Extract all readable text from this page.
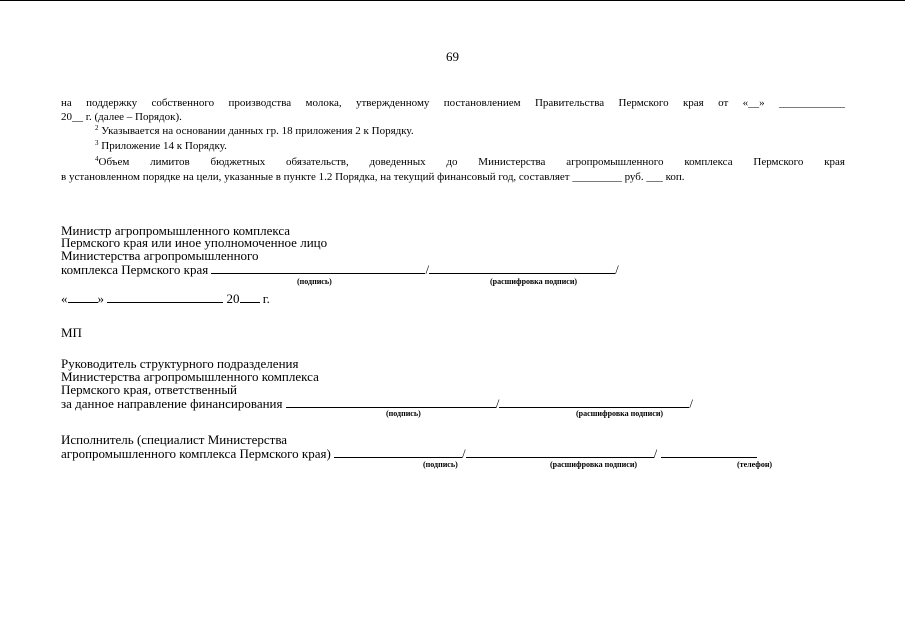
69
на поддержку собственного производства молока, утвержденному постановлением Правительства Пермского края от «__» ____________
20__ г. (далее – Порядок).
$^2$ Указывается на основании данных гр. 18 приложения 2 к Порядку.
$^3$ Приложение 14 к Порядку.
$^4$Объем лимитов бюджетных обязательств, доведенных до Министерства агропромышленного комплекса Пермского края
в установленном порядке на цели, указанные в пункте 1.2 Порядка, на текущий финансовый год, составляет _________ руб. ___ коп.
Министр агропромышленного комплекса
Пермского края или иное уполномоченное лицо
Министерства агропромышленного
комплекса Пермского края	/	/
(подпись)	(расшифровка подписи)
« »	20 г.
МП
Руководитель структурного подразделения
Министерства агропромышленного комплекса
Пермского края, ответственный
за данное направление финансирования	/	/
(подпись)	(расшифровка подписи)
Исполнитель (специалист Министерства
агропромышленного комплекса Пермского края)	/	/
(подпись)	(расшифровка подписи)	(телефон)
